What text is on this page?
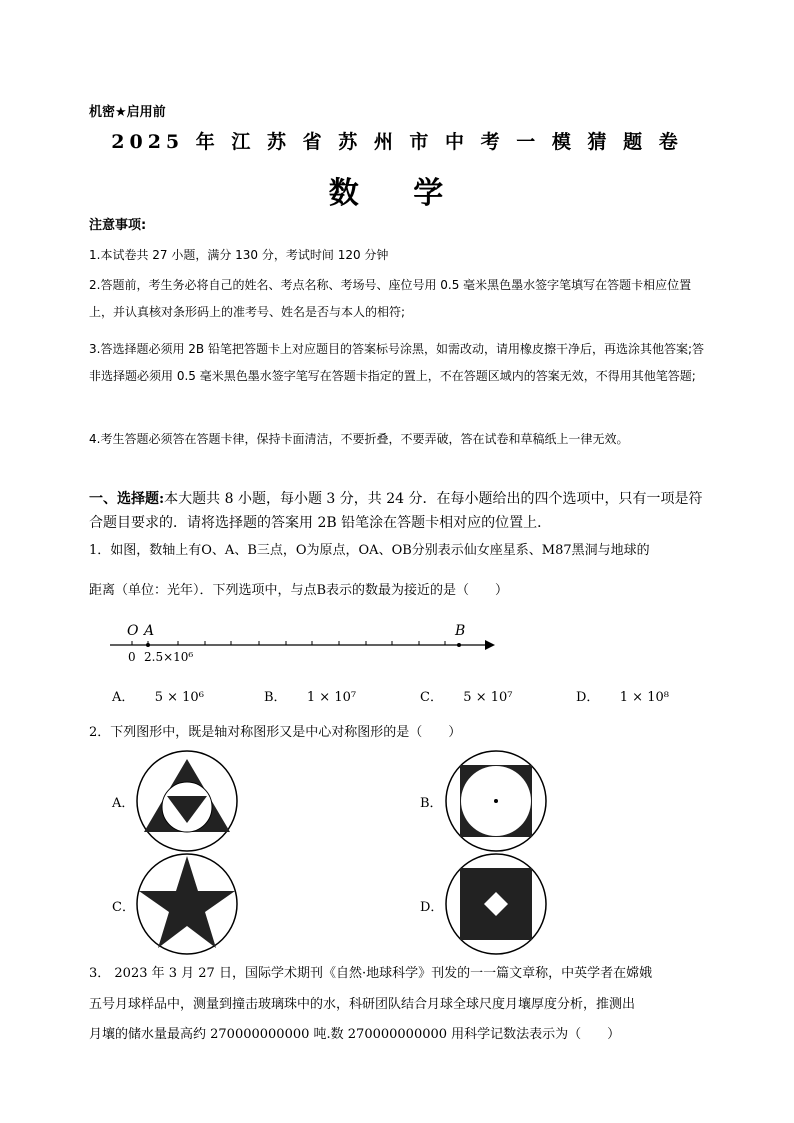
机密★启用前
2025 年 江 苏 省 苏 州 市 中 考 一 模 猜 题 卷
数 学
注意事项:
1.本试卷共 27 小题，满分 130 分，考试时间 120 分钟
2.答题前，考生务必将自己的姓名、考点名称、考场号、座位号用 0.5 毫米黑色墨水签字笔填写在答题卡相应位置上，并认真核对条形码上的准考号、姓名是否与本人的相符;
3.答选择题必须用 2B 铅笔把答题卡上对应题目的答案标号涂黑，如需改动，请用橡皮擦干净后，再选涂其他答案;答非选择题必须用 0.5 毫米黑色墨水签字笔写在答题卡指定的置上，不在答题区域内的答案无效，不得用其他笔答题;
4.考生答题必须答在答题卡律，保持卡面清洁，不要折叠，不要弄破，答在试卷和草稿纸上一律无效。
一、选择题:本大题共 8 小题，每小题 3 分，共 24 分．在每小题给出的四个选项中，只有一项是符合题目要求的．请将选择题的答案用 2B 铅笔涂在答题卡相对应的位置上．
1．如图，数轴上有O、A、B三点，O为原点，OA、OB分别表示仙女座星系、M87黑洞与地球的
距离（单位：光年）．下列选项中，与点B表示的数最为接近的是（　　）
O A	B
0 2.5×10⁶
A． 5 × 10⁶	B． 1 × 10⁷	C． 5 × 10⁷	D． 1 × 10⁸
2．下列图形中，既是轴对称图形又是中心对称图形的是（　　）
A．	B．
C．	D．
3． 2023 年 3 月 27 日，国际学术期刊《自然·地球科学》刊发的一一篇文章称，中英学者在嫦娥
五号月球样品中，测量到撞击玻璃珠中的水，科研团队结合月球全球尺度月壤厚度分析，推测出
月壤的储水量最高约 270000000000 吨.数 270000000000 用科学记数法表示为（　　）
